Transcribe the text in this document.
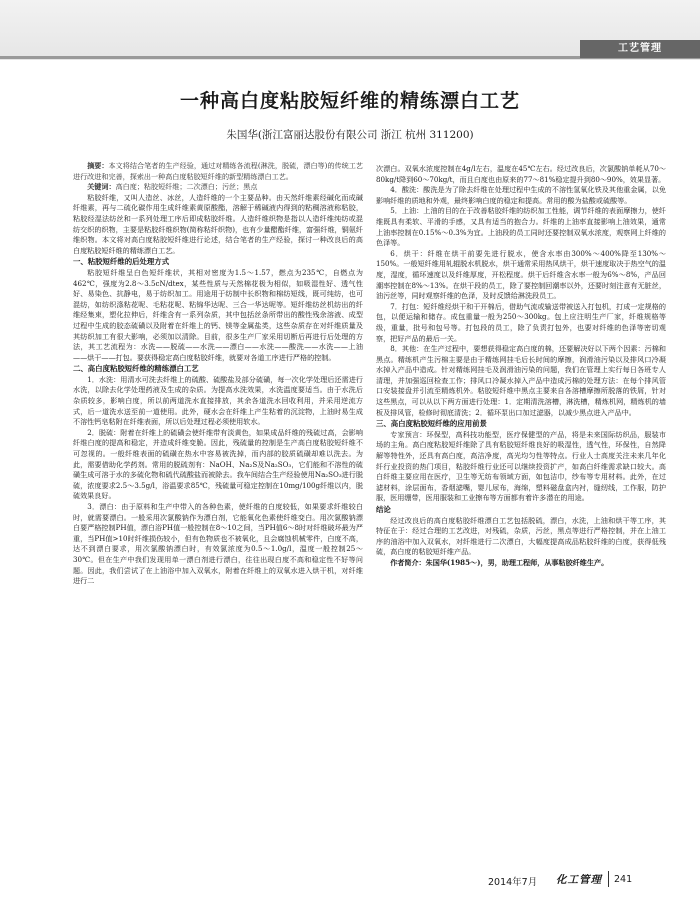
工艺管理
一种高白度粘胶短纤维的精练漂白工艺
朱国华(浙江富丽达股份有限公司 浙江 杭州 311200)

摘要：本文将结合笔者的生产经验，通过对精练各流程(淋洗，脱硫，漂白等)的传统工艺进行改进和完善，探索出一种高白度粘胶短纤维的新型精练漂白工艺。

关键词：高白度；粘胶短纤维；二次漂白；污丝；黑点

粘胶纤维，又叫人造丝、冰丝，人造纤维的一个主要品种。由天然纤维素经碱化而成碱纤维素，再与二硫化碳作用生成纤维素黄原酸酯，溶解于稀碱液内得到的粘稠溶液称粘胶，粘胶经湿法纺丝和一系列处理工序后即成粘胶纤维。人造纤维织物是指以人造纤维纯纺或混纺交织的织物，主要是粘胶纤维织物(简称粘纤织物)，也有少量醋酯纤维，富强纤维，铜氨纤维织物。本文将对高白度粘胶短纤维进行论述，结合笔者的生产经验，探讨一种改良后的高白度粘胶短纤维的精练漂白工艺。

一、粘胶短纤维的后处理方式

粘胶短纤维呈白色短纤维状，其相对密度为1.5～1.57，燃点为235℃，自燃点为462℃，强度为2.8～3.5cN/dtex，某些性质与天然棉花极为相似，如吸湿性好、透气性好、易染色、抗静电，易于纺织加工。用途用于纺制中长织物和棉纺短线，既可纯纺，也可混纺，如纺织涤粘花呢、毛粘花呢、粘锦华达呢、三合一华达呢等。短纤维纺丝机纺出的纤维经集束，塑化拉伸后，纤维含有一系列杂质，其中包括丝条所带出的酸性残余溶液、成型过程中生成的胶态硫磺以及附着在纤维上的钙、镁等金属盐类，这些杂质存在对纤维质量及其纺织加工有很大影响，必须加以清除。目前，很多生产厂家采用切断后再进行后处理的方法，其工艺流程为：水洗——脱硫——水洗——漂白——水洗——酸洗——水洗——上油——烘干——打包。要获得稳定高白度粘胶纤维，就要对各道工序进行严格的控制。

二、高白度粘胶短纤维的精练漂白工艺

1．水洗：用清水可洗去纤维上的硫酸、硫酸盐及部分硫磺，每一次化学处理后还需进行水洗，以除去化学处理药液及生成的杂质。为提高水洗效果，水洗温度要适当。由于水洗后杂质较多，影响白度，所以前两道洗水直接排放，其余各道洗水回收利用，并采用逆流方式，后一道洗水送至前一道使用。此外，硬水会在纤维上产生粘着的沉淀物，上油时易生成不溶性钙皂粘附在纤维表面，所以后处理过程必须使用软水。

2．脱硫：附着在纤维上的硫磺会使纤维带有淡黄色，如果成品纤维的残硫过高，会影响纤维白度的提高和稳定，并造成纤维变脆。因此，残硫量的控制是生产高白度粘胶短纤维不可忽视的。一般纤维表面的硫磺在热水中容易被洗掉，而内部的胶质硫磺却难以洗去。为此，需要借助化学药剂。常用的脱硫剂有：NaOH、Na₂S及Na₂SO₃，它们能和不溶性的硫磺生成可溶于水的多硫化物和硫代硫酸盐而被除去。我车间结合生产经验使用Na₂SO₃进行脱硫，浓度要求2.5～3.5g/l，浴温要求85℃，残硫量可稳定控制在10mg/100g纤维以内，脱硫效果良好。

3．漂白：由于原料和生产中带入的各种色素，使纤维的白度较低，如果要求纤维较白时，就需要漂白。一般采用次氯酸钠作为漂白剂，它能氧化色素使纤维变白。用次氯酸钠漂白要严格控制PH值，漂白浴PH值一般控制在8～10之间，当PH值6～8时对纤维破坏最为严重，当PH值>10时纤维损伤较小，但有色物质也不被氧化，且会腐蚀机械零件，白度不高，达不到漂白要求，用次氯酸钠漂白时，有效氯浓度为0.5～1.0g/l，温度一般控制25～30℃。但在生产中我们发现用单一漂白剂进行漂白，往往出现白度不高和稳定性不好等问题。因此，我们尝试了在上油浴中加入双氧水，附着在纤维上的双氧水进入烘干机，对纤维进行二

次漂白。双氧水浓度控制在4g/l左右，温度在45℃左右。经过改良后，次氯酸钠单耗从70～80kg/t降到60～70kg/t，而且白度也由原来的77～81%稳定提升到80～90%，效果显著。

4．酸洗：酸洗是为了除去纤维在处理过程中生成的不溶性氢氧化铁及其他重金属，以免影响纤维的质地和外观，最终影响白度的稳定和提高。常用的酸为盐酸或硫酸等。

5．上油：上油的目的在于改善粘胶纤维的纺织加工性能，调节纤维的表面摩擦力，使纤维既具有柔软、平滑的手感，又具有适当的抱合力。纤维的上油率直接影响上油效果，通常上油率控制在0.15%～0.3%为宜。上油段的员工同时还要控制双氧水浓度，观察网上纤维的色泽等。

6．烘干：纤维在烘干前要先进行脱水，使含水率由300%～400%降至130%～150%。一般短纤维用轧辊脱水机脱水，烘干通常采用热风烘干，烘干速度取决于热空气的温度，湿度，循环速度以及纤维厚度，开松程度。烘干后纤维含水率一般为6%～8%，产品回潮率控制在8%～13%。在烘干段的员工，除了要控制回潮率以外，还要时刻注意有无脏丝，油污丝等，同时观察纤维的色泽，及时反馈给淋洗段员工。

7．打包：短纤维经烘干和干开棉后，借助气流或输送带被送入打包机，打成一定规格的包，以便运输和储存。成包重量一般为250～300kg。包上应注明生产厂家，纤维规格等级，重量，批号和包号等。打包段的员工，除了负责打包外，也要对纤维的色泽等密切观察，把好产品的最后一关。

8．其他：在生产过程中，要想获得稳定高白度的棉，还要解决好以下两个因素：污棉和黑点。精练机产生污棉主要是由于精练网挂毛后长时间的摩擦，润滑油污染以及排风口冷凝水掉入产品中造成。针对精练网挂毛及润滑油污染的问题，我们在管理上实行每日各班专人清理，并加强巡回检查工作；排风口冷凝水掉入产品中造成污棉的处理方法：在每个排风管口安装接盘并引流至精炼机外。粘胶短纤维中黑点主要来自各溶槽摩擦所脱落的铁屑，针对这些黑点，可以从以下两方面进行处理：1．定期清洗溶槽，淋洗槽，精炼机网，精炼机的墙板及排风管，检修时彻底清洗；2．循环泵出口加过滤器，以减少黑点进入产品中。

三、高白度粘胶短纤维的应用前景

专家预言：环保型，高科技功能型，医疗保健型的产品，将是未来国际纺织品，服装市场的主角。高白度粘胶短纤维除了具有粘胶短纤维良好的吸湿性，透气性，环保性，自然降解等特性外，还具有高白度，高洁净度，高光均匀性等特点。行业人士高度关注未来几年化纤行业投资的热门项目，粘胶纤维行业还可以继续投资扩产，如高白纤维需求缺口较大。高白纤维主要应用在医疗，卫生等无纺布领域方面，如包洁巾，纱布等专用材料。此外，在过滤材料，涂层面布，香烟滤嘴，婴儿尿布，海绵，塑料磁盘盒内衬，缝纫线，工作服，防护服，医用绷带，医用服装和工业擦布等方面都有着许多潜在的用途。

结论

经过改良后的高白度粘胶纤维漂白工艺包括脱硫，漂白，水洗，上油和烘干等工序，其特征在于：经过合理的工艺改进，对残硫，杂质，污丝，黑点等进行严格控制，并在上油工序的油浴中加入双氧水，对纤维进行二次漂白，大幅度提高成品粘胶纤维的白度，获得低残硫，高白度的粘胶短纤维产品。

作者简介：朱国华(1985～)，男，助理工程师，从事粘胶纤维生产。

2014年7月 化工管理 241
